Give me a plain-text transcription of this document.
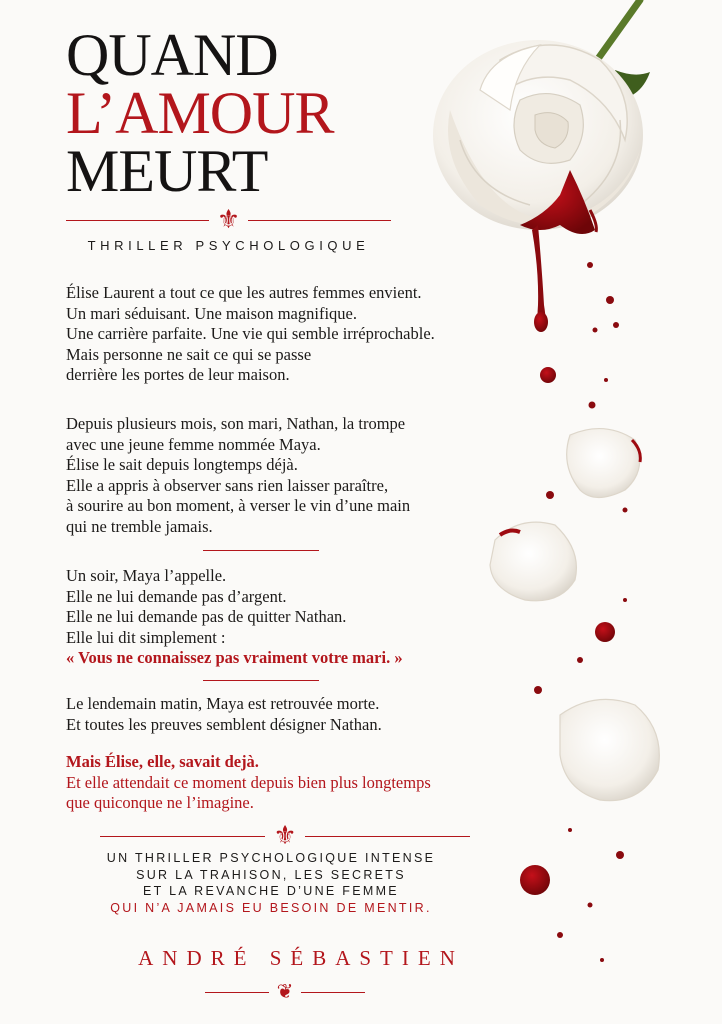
QUAND
L’AMOUR
MEURT
⚜
THRILLER PSYCHOLOGIQUE
Élise Laurent a tout ce que les autres femmes envient.
Un mari séduisant. Une maison magnifique.
Une carrière parfaite. Une vie qui semble irréprochable.
Mais personne ne sait ce qui se passe
derrière les portes de leur maison.
Depuis plusieurs mois, son mari, Nathan, la trompe
avec une jeune femme nommée Maya.
Élise le sait depuis longtemps déjà.
Elle a appris à observer sans rien laisser paraître,
à sourire au bon moment, à verser le vin d’une main
qui ne tremble jamais.
Un soir, Maya l’appelle.
Elle ne lui demande pas d’argent.
Elle ne lui demande pas de quitter Nathan.
Elle lui dit simplement :
« Vous ne connaissez pas vraiment votre mari. »
Le lendemain matin, Maya est retrouvée morte.
Et toutes les preuves semblent désigner Nathan.
Mais Élise, elle, savait dejà.
Et elle attendait ce moment depuis bien plus longtemps
que quiconque ne l’imagine.
⚜
UN THRILLER PSYCHOLOGIQUE INTENSE
SUR LA TRAHISON, LES SECRETS
ET LA REVANCHE D’UNE FEMME
QUI N’A JAMAIS EU BESOIN DE MENTIR.
ANDRÉ SÉBASTIEN
❦
